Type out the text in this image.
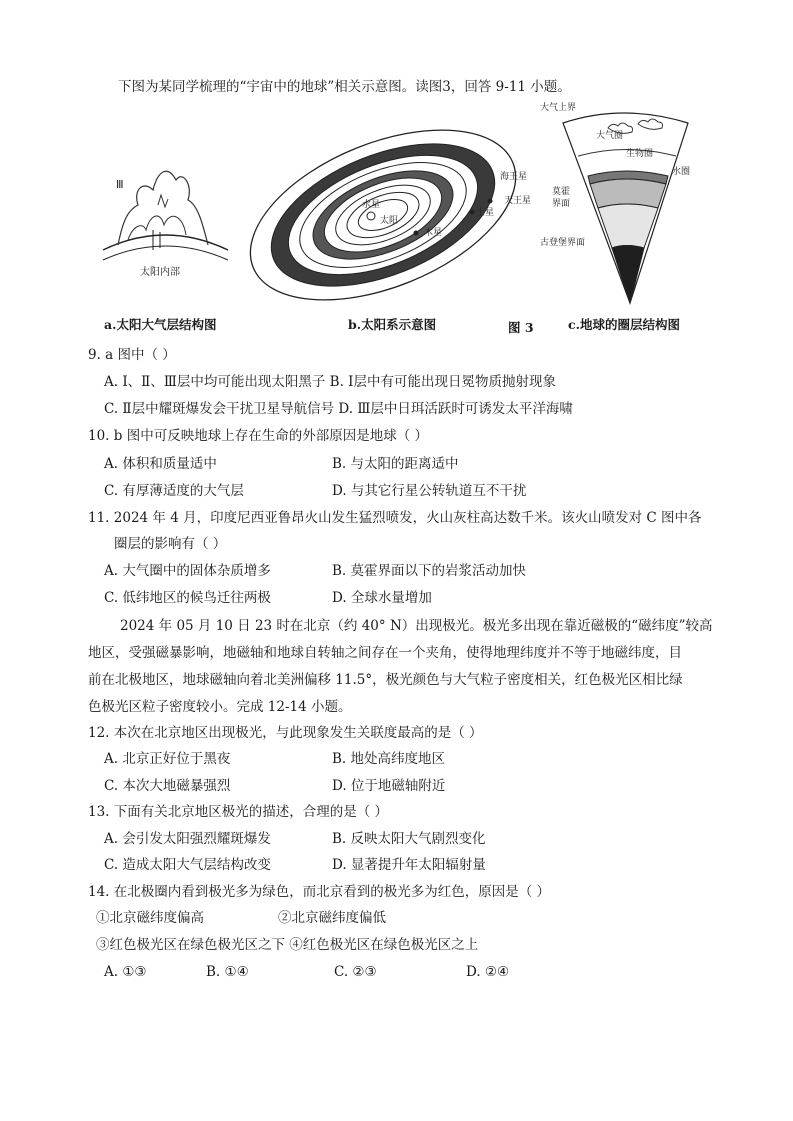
下图为某同学梳理的“宇宙中的地球”相关示意图。读图3，回答 9-11 小题。
Ⅲ
太阳内部
a.太阳大气层结构图
太阳
水星
海王星
天王星
土星
木星
b.太阳系示意图	图 3
大气上界
大气圈
生物圈
水圈
莫霍
界面
古登堡界面
c.地球的圈层结构图
9. a 图中（ ）
A. Ⅰ、Ⅱ、Ⅲ层中均可能出现太阳黑子 B. Ⅰ层中有可能出现日冕物质抛射现象
C. Ⅱ层中耀斑爆发会干扰卫星导航信号 D. Ⅲ层中日珥活跃时可诱发太平洋海啸
10. b 图中可反映地球上存在生命的外部原因是地球（ ）
A. 体积和质量适中	B. 与太阳的距离适中
C. 有厚薄适度的大气层	D. 与其它行星公转轨道互不干扰
11. 2024 年 4 月，印度尼西亚鲁昂火山发生猛烈喷发，火山灰柱高达数千米。该火山喷发对 C 图中各
圈层的影响有（ ）
A. 大气圈中的固体杂质增多	B. 莫霍界面以下的岩浆活动加快
C. 低纬地区的候鸟迁往两极	D. 全球水量增加
2024 年 05 月 10 日 23 时在北京（约 40° N）出现极光。极光多出现在靠近磁极的“磁纬度”较高
地区，受强磁暴影响，地磁轴和地球自转轴之间存在一个夹角，使得地理纬度并不等于地磁纬度，目
前在北极地区，地球磁轴向着北美洲偏移 11.5°，极光颜色与大气粒子密度相关，红色极光区相比绿
色极光区粒子密度较小。完成 12-14 小题。
12. 本次在北京地区出现极光，与此现象发生关联度最高的是（ ）
A. 北京正好位于黑夜	B. 地处高纬度地区
C. 本次大地磁暴强烈	D. 位于地磁轴附近
13. 下面有关北京地区极光的描述，合理的是（ ）
A. 会引发太阳强烈耀斑爆发	B. 反映太阳大气剧烈变化
C. 造成太阳大气层结构改变	D. 显著提升年太阳辐射量
14. 在北极圈内看到极光多为绿色，而北京看到的极光多为红色，原因是（ ）
①北京磁纬度偏高	②北京磁纬度偏低
③红色极光区在绿色极光区之下 ④红色极光区在绿色极光区之上
A. ①③	B. ①④	C. ②③	D. ②④
